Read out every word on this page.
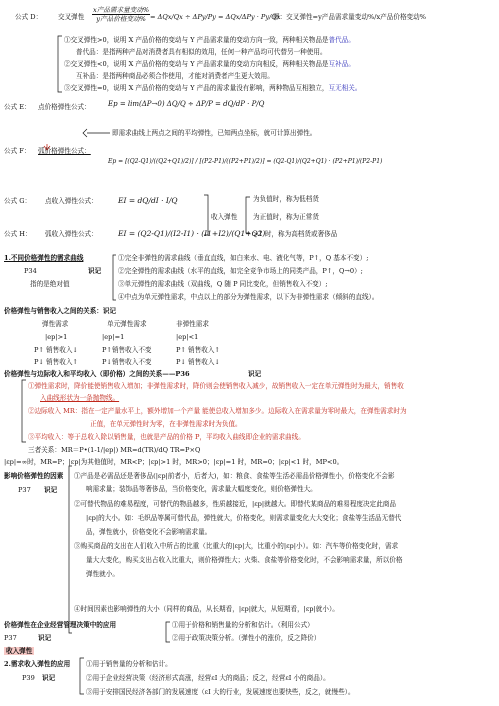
公式 D： 交叉弹性 $\frac{\text{x产品需求量变动\%}}{\text{y产品价格变动\%}} = \Delta Qx/Qx \div \Delta Py/Py = \Delta Qx/\Delta Py \cdot Py/Qx$
即：交叉弹性=y产品需求量变动%/x产品价格变动%
①交叉弹性>0，说明 X 产品价格的变动与 Y 产品需求量的变动方向一致，两种相关物品是普代品。
普代品：是指两种产品对消费者具有相似的效用，任何一种产品均可代替另一种使用。
②交叉弹性<0，说明 X 产品价格的变动与 Y 产品需求量的变动方向相反，两种相关物品是互补品。
互补品：是指两种商品必须合作使用，才能对消费者产生更大效用。
③交叉弹性=0，说明 X 产品价格的变动与 Y 产品的需求量没有影响，两种物品互相独立，互无相关。
公式 E： 点价格弹性公式： Ep = lim(ΔP→0) ΔQ/Q ÷ ΔP/P = dQ/dP · P/Q
即需求曲线上两点之间的平均弹性，已知两点坐标，就可计算出弹性。
公式 F： 弧价格弹性公式：
Ep = [(Q2-Q1)/((Q2+Q1)/2)] / [(P2-P1)/((P2+P1)/2)] = (Q2-Q1)/(Q2+Q1) · (P2+P1)/(P2-P1)
公式 G： 点收入弹性公式：	EI = dQ/dI · I/Q
公式 H： 弧收入弹性公式：	EI = (Q2-Q1)/(I2-I1) · (I1+I2)/(Q1+Q2)
收入弹性
为负值时，称为低档货
为正值时，称为正常货
>1 时，称为高档货或奢侈品
1.不同价格弹性的需求曲线
P34	识记
指的是绝对值
①完全非弹性的需求曲线（垂直直线，如白来水、电、液化气等，P↑，Q 基本不变）;
②完全弹性的需求曲线（水平的直线，如完全竞争市场上的同类产品，P↑，Q→0）;
③单元弹性的需求曲线（双曲线，Q 随 P 同比变化，但销售收入不变）;
④中点为单元弹性需求，中点以上的部分为弹性需求，以下为非弹性需求（倾斜的直线）。
价格弹性与销售收入之间的关系：识记
弹性需求	单元弹性需求	非弹性需求
|ep|>1	|ep|=1	|ep|<1
P↑ 销售收入↓	P↑销售收入不变	P↑ 销售收入↑
P↓ 销售收入↑	P↓销售收入不变	P↓ 销售收入↓
价格弹性与边际收入和平均收入（即价格）之间的关系——P36	识记
①弹性需求时，降价能使销售收入增加；非弹性需求时，降价则会使销售收入减少，故销售收入一定在单元弹性时为最大，销售收
入曲线形状为一条抛物线。
②边际收入 MR：指在一定产量水平上，额外增加一个产量 能使总收入增加多少。边际收入在需求量为零时最大，在弹性需求时为
正值，在单元弹性时为零，在非弹性需求时为负值。
③平均收入：等于总收入除以销售量，也就是产品的价格 P，平均收入曲线即企业的需求曲线。
三者关系：MR＝P•(1-1/|ep|) MR=d(TR)/dQ TR=P×Q
|εp|=∞时，MR=P；|εp|为其他值时，MR<P；|εp|>1 时，MR>0；|εp|=1 时，MR=0；|εp|<1 时，MP<0。
影响价格弹性的因素
P37 识记
①产品是必需品还是奢侈品(|εp|前者小，后者大)，如：粮食、食盐等生活必需品价格弹性小，价格变化不会影
响需求量；装饰品等奢侈品，当价格变化，需求量大幅度变化，则价格弹性大。
②可替代物品的难易程度，可替代的物品越多，性质越接近，|εp|就越大。即替代某商品的难易程度决定此商品
|εp|的大小。如：毛织品等属可替代品，弹性就大，价格变化，则需求量变化大大变化；食盐等生活品无替代
品，弹性就小，价格变化不会影响需求量。
③购买商品的支出在人们收入中所占的比重（比重大的|εp|大，比重小的|εp|小）。如：汽车等价格变化时，需求
量大大变化，购买支出占收入比重大，则价格弹性大；火柴、食盐等价格变化时，不会影响需求量，所以价格
弹性就小。
④时间因素也影响弹性的大小（同样的商品，从长期看，|εp|就大，从短期看，|εp|就小）。
价格弹性在企业经营管理决策中的应用
P37	识记
①用于价格和销售量的分析和估计。（利用公式）
②用于政策决策分析。（弹性小的涨价，反之降价）
收入弹性
2.需求收入弹性的应用
P39 识记
①用于销售量的分析和估计。
②用于企业经营决策（经济形式高涨，经营εI 大的商品；反之，经营εI 小的商品）。
③用于安排国民经济各部门的发展速度（εI 大的行业，发展速度也要快些，反之，就慢些）。
